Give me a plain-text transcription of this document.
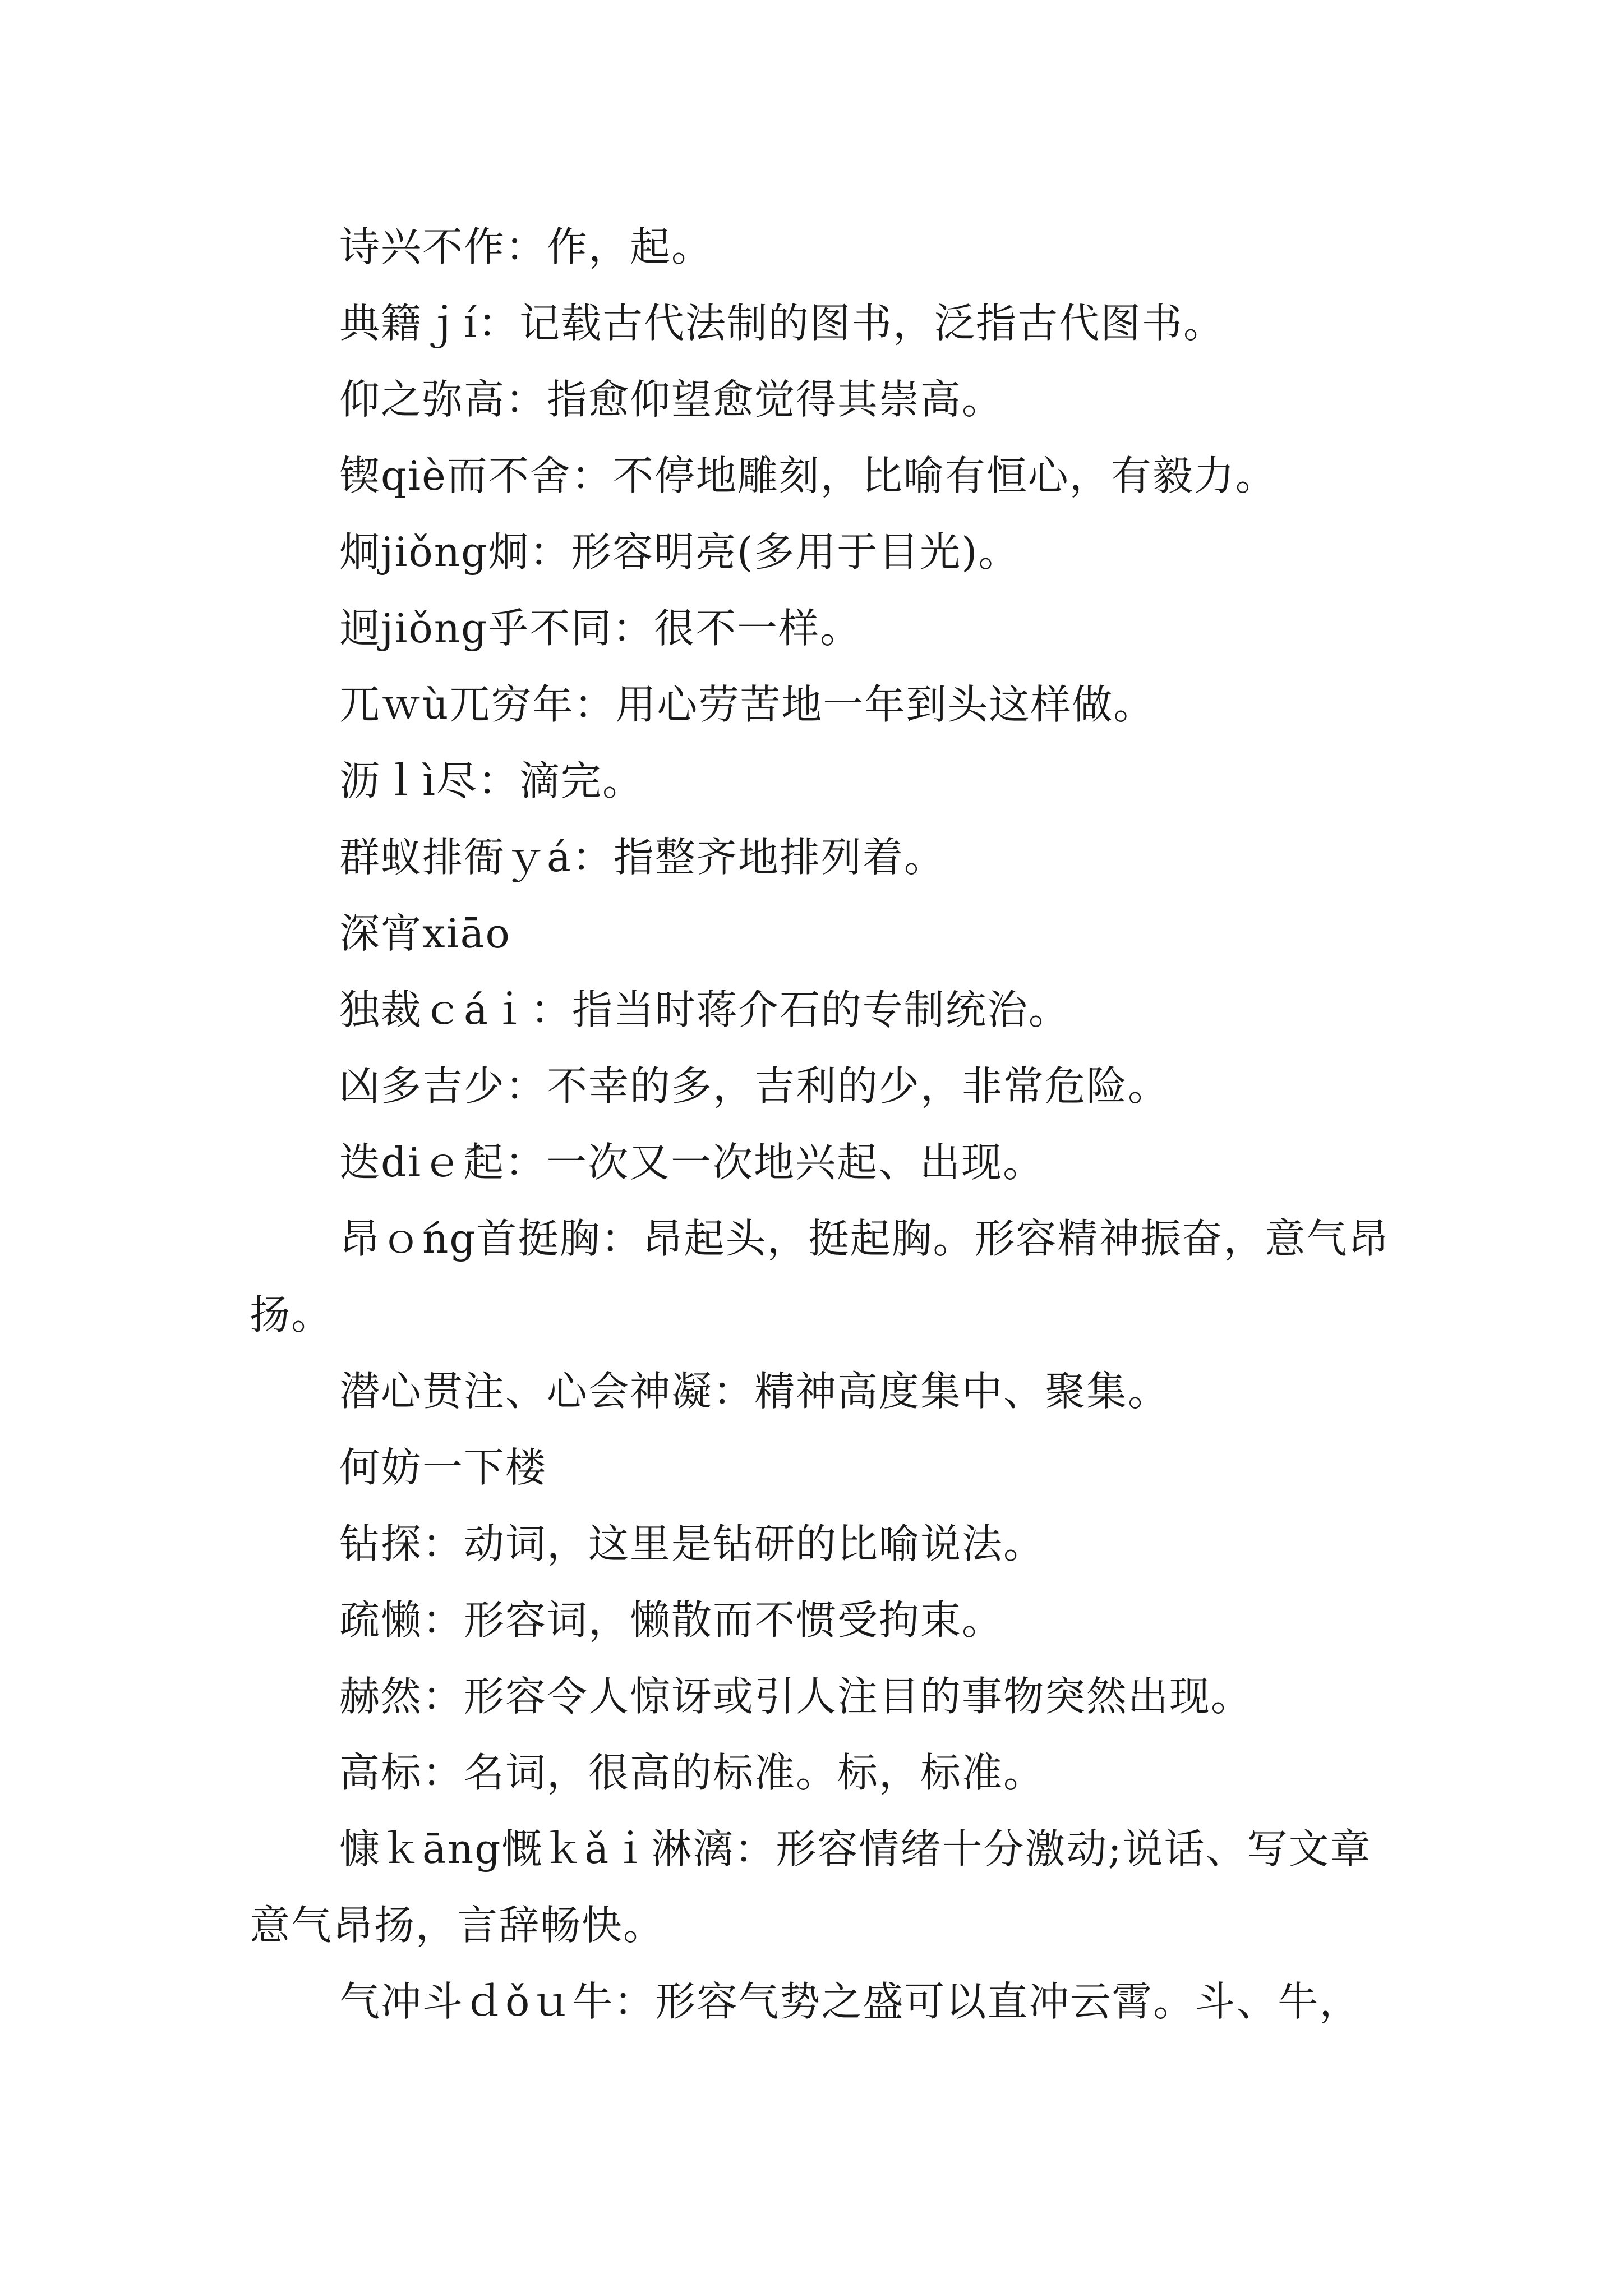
诗兴不作：作，起。

典籍ｊí：记载古代法制的图书，泛指古代图书。

仰之弥高：指愈仰望愈觉得其崇高。

锲qiè而不舍：不停地雕刻，比喻有恒心，有毅力。

炯jiǒng炯：形容明亮(多用于目光)。

迥jiǒng乎不同：很不一样。

兀ｗù兀穷年：用心劳苦地一年到头这样做。

沥ｌì尽：滴完。

群蚁排衙ｙá：指整齐地排列着。

深宵xiāo

独裁ｃáｉ：指当时蒋介石的专制统治。

凶多吉少：不幸的多，吉利的少，非常危险。

迭diｅ́起：一次又一次地兴起、出现。

昂ｏ́ng首挺胸：昂起头，挺起胸。形容精神振奋，意气昂扬。

潜心贯注、心会神凝：精神高度集中、聚集。

何妨一下楼

钻探：动词，这里是钻研的比喻说法。

疏懒：形容词，懒散而不惯受拘束。

赫然：形容令人惊讶或引人注目的事物突然出现。

高标：名词，很高的标准。标，标准。

慷ｋāng慨ｋǎｉ淋漓：形容情绪十分激动;说话、写文章意气昂扬，言辞畅快。

气冲斗ｄǒｕ牛：形容气势之盛可以直冲云霄。斗、牛，
